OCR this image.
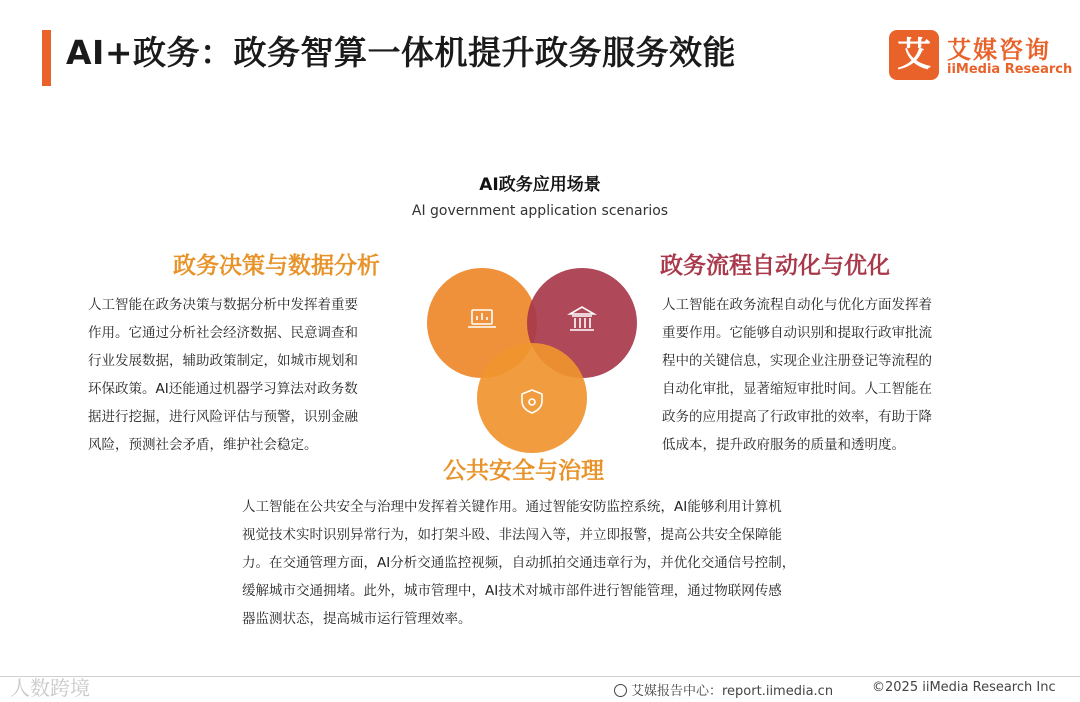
AI+政务：政务智算一体机提升政务服务效能	艾 艾媒咨询
iiMedia Research
AI政务应用场景
AI government application scenarios
政务决策与数据分析	政务流程自动化与优化
公共安全与治理
人工智能在政务决策与数据分析中发挥着重要
作用。它通过分析社会经济数据、民意调查和
行业发展数据，辅助政策制定，如城市规划和
环保政策。AI还能通过机器学习算法对政务数
据进行挖掘，进行风险评估与预警，识别金融
风险，预测社会矛盾，维护社会稳定。
人工智能在政务流程自动化与优化方面发挥着
重要作用。它能够自动识别和提取行政审批流
程中的关键信息，实现企业注册登记等流程的
自动化审批，显著缩短审批时间。人工智能在
政务的应用提高了行政审批的效率，有助于降
低成本，提升政府服务的质量和透明度。
人工智能在公共安全与治理中发挥着关键作用。通过智能安防监控系统，AI能够利用计算机
视觉技术实时识别异常行为，如打架斗殴、非法闯入等，并立即报警，提高公共安全保障能
力。在交通管理方面，AI分析交通监控视频，自动抓拍交通违章行为，并优化交通信号控制，
缓解城市交通拥堵。此外，城市管理中，AI技术对城市部件进行智能管理，通过物联网传感
器监测状态，提高城市运行管理效率。
人数跨境	艾媒报告中心：report.iimedia.cn	©2025 iiMedia Research Inc
